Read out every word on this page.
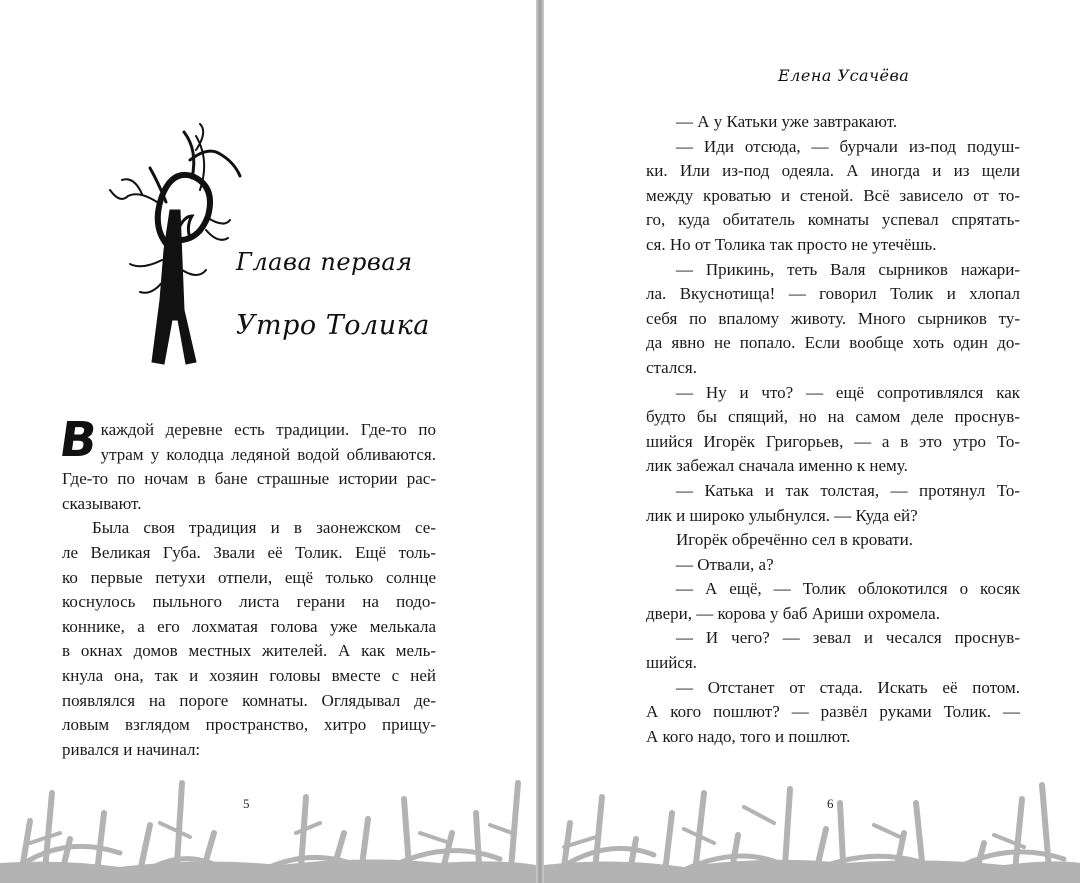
Глава первая
Утро Толика

В каждой деревне есть традиции. Где-то по
утрам у колодца ледяной водой обливаются.
Где-то по ночам в бане страшные истории рас-

сказывают.

Была своя традиция и в заонежском се-
ле Великая Губа. Звали её Толик. Ещё толь-
ко первые петухи отпели, ещё только солнце
коснулось пыльного листа герани на подо-
коннике, а его лохматая голова уже мелькала
в окнах домов местных жителей. А как мель-
кнула она, так и хозяин головы вместе с ней
появлялся на пороге комнаты. Оглядывал де-
ловым взглядом пространство, хитро прищу-

ривался и начинал:

5
Елена Усачёва

— А у Катьки уже завтракают.

— Иди отсюда, — бурчали из-под подуш-
ки. Или из-под одеяла. А иногда и из щели
между кроватью и стеной. Всё зависело от то-
го, куда обитатель комнаты успевал спрятать-

ся. Но от Толика так просто не утечёшь.

— Прикинь, теть Валя сырников нажари-
ла. Вкуснотища! — говорил Толик и хлопал
себя по впалому животу. Много сырников ту-
да явно не попало. Если вообще хоть один до-

стался.

— Ну и что? — ещё сопротивлялся как
будто бы спящий, но на самом деле проснув-
шийся Игорёк Григорьев, — а в это утро То-

лик забежал сначала именно к нему.

— Катька и так толстая, — протянул То-

лик и широко улыбнулся. — Куда ей?

Игорёк обречённо сел в кровати.

— Отвали, а?

— А ещё, — Толик облокотился о косяк

двери, — корова у баб Ариши охромела.

— И чего? — зевал и чесался проснув-

шийся.

— Отстанет от стада. Искать её потом.
А кого пошлют? — развёл руками Толик. —

А кого надо, того и пошлют.

6
